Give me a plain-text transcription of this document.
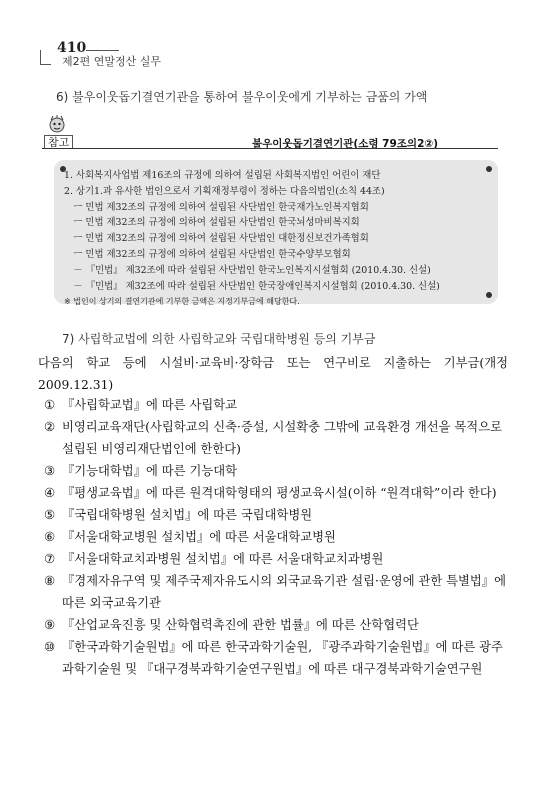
410
제2편 연말정산 실무
6) 불우이웃돕기결연기관을 통하여 불우이웃에게 기부하는 금품의 가액
참고	불우이웃돕기결연기관(소령 79조의2②)
1. 사회복지사업법 제16조의 규정에 의하여 설립된 사회복지법인 어린이 재단
2. 상기1.과 유사한 법인으로서 기획재정부령이 정하는 다음의법인(소칙 44조)
　ㅡ 민법 제32조의 규정에 의하여 설립된 사단법인 한국재가노인복지협회
　ㅡ 민법 제32조의 규정에 의하여 설립된 사단법인 한국뇌성마비복지회
　ㅡ 민법 제32조의 규정에 의하여 설립된 사단법인 대한정신보건가족협회
　ㅡ 민법 제32조의 규정에 의하여 설립된 사단법인 한국수양부모협회
　－ 『민법』 제32조에 따라 설립된 사단법인 한국노인복지시설협회 (2010.4.30. 신설)
　－ 『민법』 제32조에 따라 설립된 사단법인 한국장애인복지시설협회 (2010.4.30. 신설)
※ 법인이 상기의 결연기관에 기부한 금액은 지정기부금에 해당한다.
7) 사립학교법에 의한 사립학교와 국립대학병원 등의 기부금
다음의 학교 등에 시설비·교육비·장학금 또는 연구비로 지출하는 기부금(개정 2009.12.31)
① 『사립학교법』에 따른 사립학교
② 비영리교육재단(사립학교의 신축·증설, 시설확충 그밖에 교육환경 개선을 목적으로 설립된 비영리재단법인에 한한다)
③ 『기능대학법』에 따른 기능대학
④ 『평생교육법』에 따른 원격대학형태의 평생교육시설(이하 “원격대학”이라 한다)
⑤ 『국립대학병원 설치법』에 따른 국립대학병원
⑥ 『서울대학교병원 설치법』에 따른 서울대학교병원
⑦ 『서울대학교치과병원 설치법』에 따른 서울대학교치과병원
⑧ 『경제자유구역 및 제주국제자유도시의 외국교육기관 설립·운영에 관한 특별법』에 따른 외국교육기관
⑨ 『산업교육진흥 및 산학협력촉진에 관한 법률』에 따른 산학협력단
⑩ 『한국과학기술원법』에 따른 한국과학기술원, 『광주과학기술원법』에 따른 광주과학기술원 및 『대구경북과학기술연구원법』에 따른 대구경북과학기술연구원
